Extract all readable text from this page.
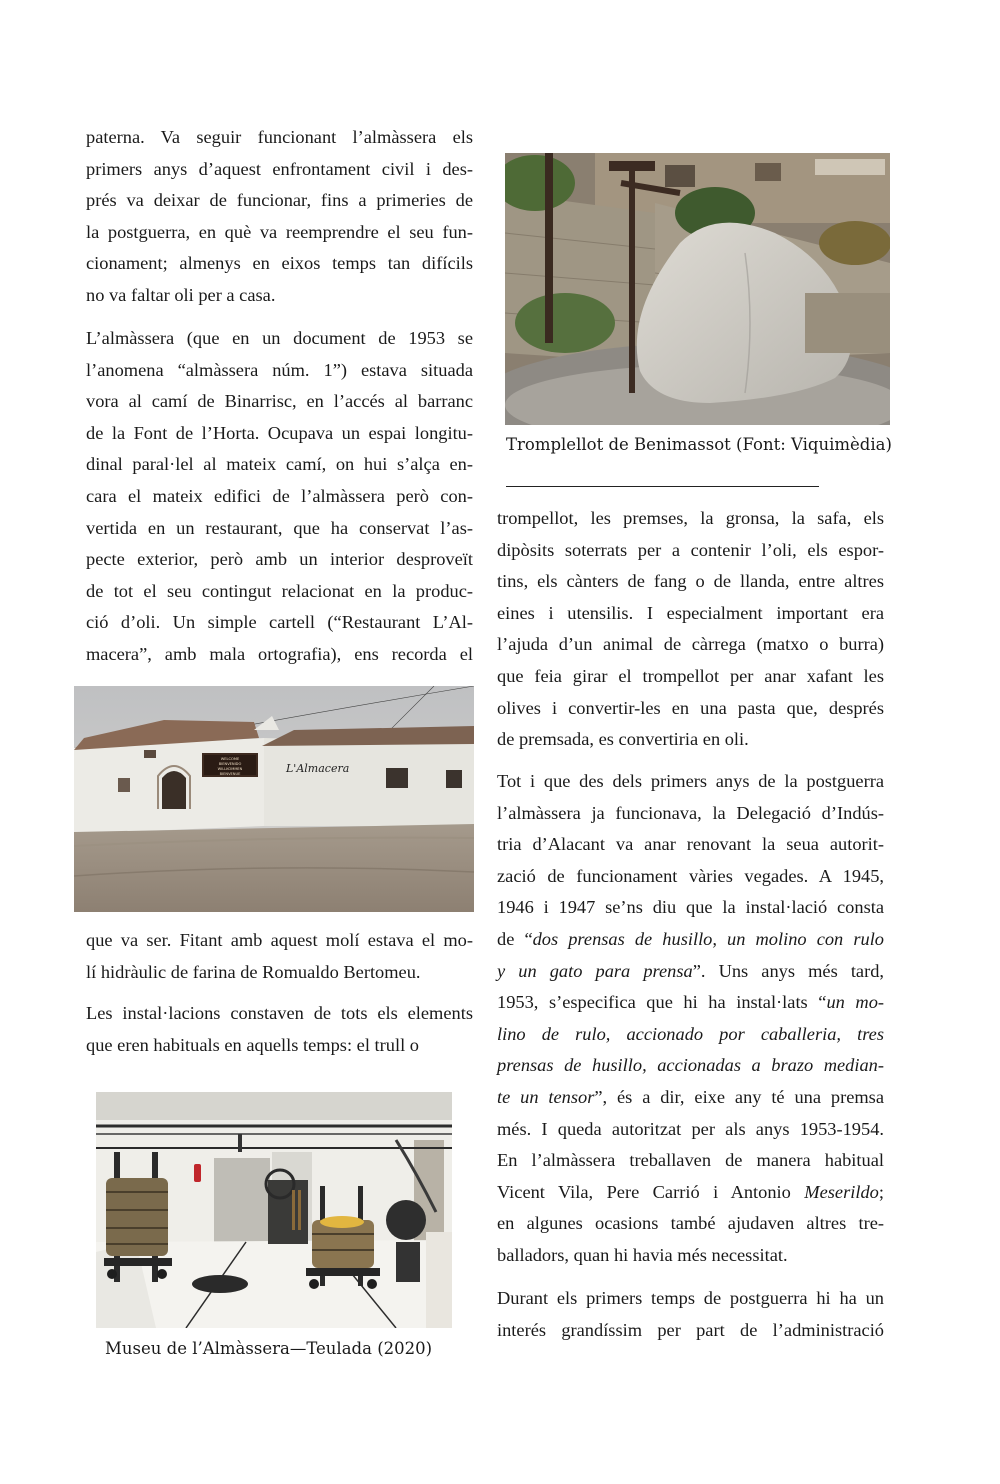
paterna. Va seguir funcionant l’almàssera els
primers anys d’aquest enfrontament civil i des-
prés va deixar de funcionar, fins a primeries de
la postguerra, en què va reemprendre el seu fun-
cionament; almenys en eixos temps tan difícils
no va faltar oli per a casa.

L’almàssera (que en un document de 1953 se
l’anomena “almàssera núm. 1”) estava situada
vora al camí de Binarrisc, en l’accés al barranc
de la Font de l’Horta. Ocupava un espai longitu-
dinal paral·lel al mateix camí, on hui s’alça en-
cara el mateix edifici de l’almàssera però con-
vertida en un restaurant, que ha conservat l’as-
pecte exterior, però amb un interior desproveït
de tot el seu contingut relacionat en la produc-
ció d’oli. Un simple cartell (“Restaurant L’Al-
macera”, amb mala ortografia), ens recorda el

WELCOME
BIENVENIDO
WILLKOMMEN
BIENVENUE	L'Almacera

que va ser. Fitant amb aquest molí estava el mo-
lí hidràulic de farina de Romualdo Bertomeu.

Les instal·lacions constaven de tots els elements
que eren habituals en aquells temps: el trull o

Museu de l’Almàssera—Teulada (2020)
Tromplellot de Benimassot (Font: Viquimèdia)

trompellot, les premses, la gronsa, la safa, els
dipòsits soterrats per a contenir l’oli, els espor-
tins, els cànters de fang o de llanda, entre altres
eines i utensilis. I especialment important era
l’ajuda d’un animal de càrrega (matxo o burra)
que feia girar el trompellot per anar xafant les
olives i convertir-les en una pasta que, després
de premsada, es convertiria en oli.

Tot i que des dels primers anys de la postguerra
l’almàssera ja funcionava, la Delegació d’Indús-
tria d’Alacant va anar renovant la seua autorit-
zació de funcionament vàries vegades. A 1945,
1946 i 1947 se’ns diu que la instal·lació consta
de “dos prensas de husillo, un molino con rulo
y un gato para prensa”. Uns anys més tard,
1953, s’especifica que hi ha instal·lats “un mo-
lino de rulo, accionado por caballeria, tres
prensas de husillo, accionadas a brazo median-
te un tensor”, és a dir, eixe any té una premsa
més. I queda autoritzat per als anys 1953-1954.
En l’almàssera treballaven de manera habitual
Vicent Vila, Pere Carrió i Antonio Meserildo;
en algunes ocasions també ajudaven altres tre-
balladors, quan hi havia més necessitat.

Durant els primers temps de postguerra hi ha un
interés grandíssim per part de l’administració
